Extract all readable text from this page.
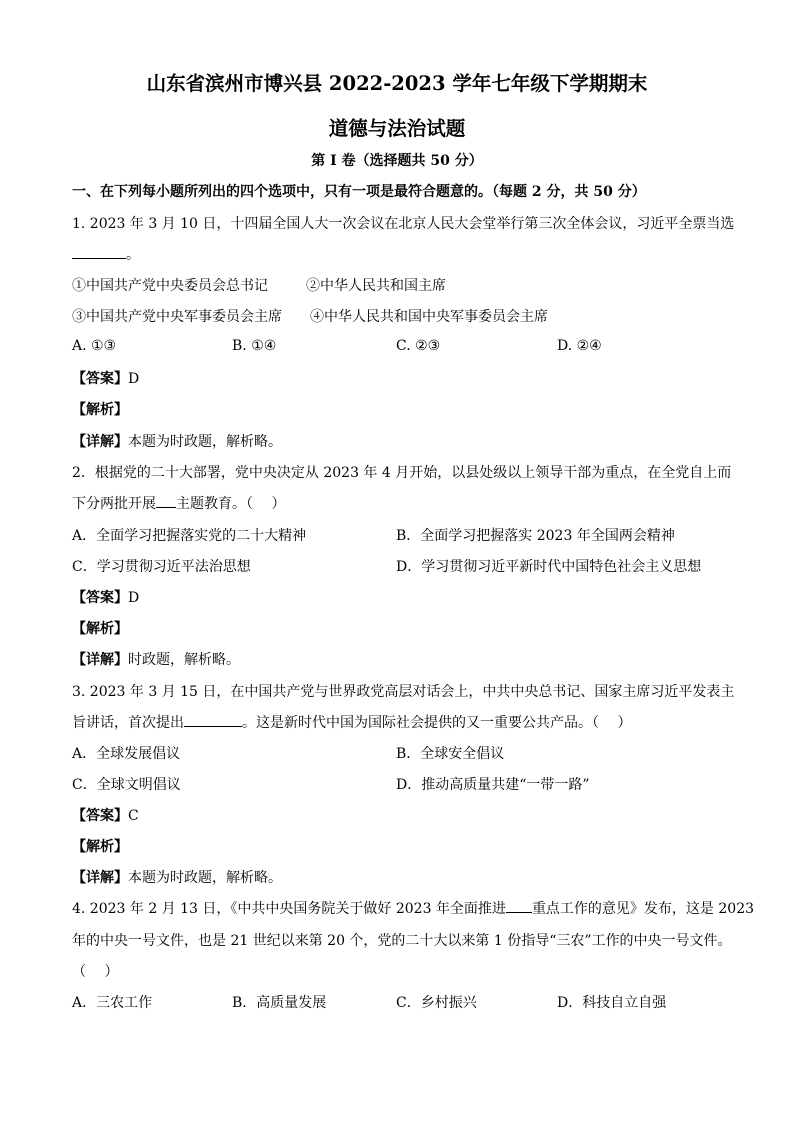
山东省滨州市博兴县 2022-2023 学年七年级下学期期末
道德与法治试题
第 I 卷（选择题共 50 分）
一、在下列每小题所列出的四个选项中，只有一项是最符合题意的。（每题 2 分，共 50 分）
1. 2023 年 3 月 10 日，十四届全国人大一次会议在北京人民大会堂举行第三次全体会议，习近平全票当选
。
①中国共产党中央委员会总书记	②中华人民共和国主席
③中国共产党中央军事委员会主席 ④中华人民共和国中央军事委员会主席
A. ①③	B. ①④	C. ②③	D. ②④
【答案】D
【解析】
【详解】本题为时政题，解析略。
2．根据党的二十大部署，党中央决定从 2023 年 4 月开始，以县处级以上领导干部为重点，在全党自上而
下分两批开展 主题教育。（　 ）
A．全面学习把握落实党的二十大精神	B．全面学习把握落实 2023 年全国两会精神
C．学习贯彻习近平法治思想	D．学习贯彻习近平新时代中国特色社会主义思想
【答案】D
【解析】
【详解】时政题，解析略。
3. 2023 年 3 月 15 日，在中国共产党与世界政党高层对话会上，中共中央总书记、国家主席习近平发表主
旨讲话，首次提出	。这是新时代中国为国际社会提供的又一重要公共产品。（　 ）
A．全球发展倡议	B．全球安全倡议
C．全球文明倡议	D．推动高质量共建“一带一路”
【答案】C
【解析】
【详解】本题为时政题，解析略。
4. 2023 年 2 月 13 日，《中共中央国务院关于做好 2023 年全面推进 重点工作的意见》发布，这是 2023
年的中央一号文件，也是 21 世纪以来第 20 个，党的二十大以来第 1 份指导“三农”工作的中央一号文件。
（　 ）
A．三农工作	B．高质量发展	C．乡村振兴	D．科技自立自强
